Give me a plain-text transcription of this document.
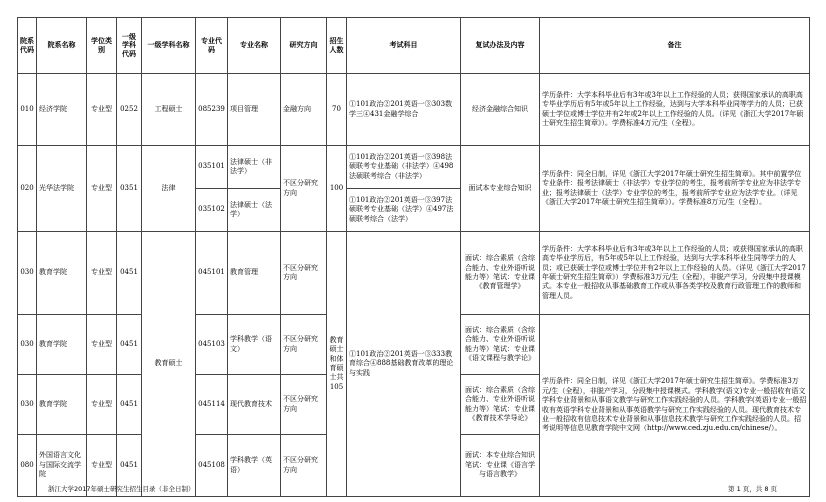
院系代码	院系名称	学位类别	一级学科代码	一级学科名称	专业代码	专业名称	研究方向	招生人数	考试科目	复试办法及内容	备注
010	经济学院	专业型	0252	工程硕士	085239	项目管理	金融方向	70	①101政治②201英语一③303数学三④431金融学综合	经济金融综合知识	学历条件：大学本科毕业后有3年或3年以上工作经验的人员；获得国家承认的高职高专毕业学历后有5年或5年以上工作经验，达到与大学本科毕业同等学力的人员；已获硕士学位或博士学位并有2年或2年以上工作经验的人员。（详见《浙江大学2017年硕士研究生招生简章》）。学费标准4万元/生（全程）。
020	光华法学院	专业型	0351	法律	035101	法律硕士（非法学）	不区分研究方向	100	①101政治②201英语一③398法硕联考专业基础（非法学）④498法硕联考综合（非法学）	面试本专业综合知识	学历条件：同全日制，详见《浙江大学2017年硕士研究生招生简章》。其中前置学位专业条件：报考法律硕士（非法学）专业学位的考生，报考前所学专业应为非法学专业；报考法律硕士（法学）专业学位的考生，报考前所学专业应为法学专业。（详见《浙江大学2017年硕士研究生招生简章》）。学费标准8万元/生（全程）。
					035102	法律硕士（法学）			①101政治②201英语一③397法硕联考专业基础（法学）④497法硕联考综合（法学）		
030	教育学院	专业型	0451	教育硕士	045101	教育管理	不区分研究方向	教育硕士和体育硕士共105	①101政治②201英语一③333教育综合④888基础教育改革的理论与实践	面试：综合素质（含综合能力、专业外语听说能力等）笔试：专业课《教育管理学》	学历条件：大学本科毕业后有3年或3年以上工作经验的人员；或获得国家承认的高职高专毕业学历后，有5年或5年以上工作经验，达到与大学本科毕业生同等学力的人员；或已获硕士学位或博士学位并有2年以上工作经验的人员。（详见《浙江大学2017年硕士研究生招生简章》）学费标准3万元/生（全程），非脱产学习，分段集中授课模式。本专业一般招收从事基础教育工作或从事各类学校及教育行政管理工作的教师和管理人员。
030	教育学院	专业型	0451		045103	学科教学（语文）	不区分研究方向			面试：综合素质（含综合能力、专业外语听说能力等）笔试：专业课《语文课程与教学论》	学历条件：同全日制，详见《浙江大学2017年硕士研究生招生简章》。学费标准3万元/生（全程），非脱产学习，分段集中授课模式。学科教学(语文)专业一般招收有语文学科专业背景和从事语文教学与研究工作实践经验的人员。学科教学(英语)专业一般招收有英语学科专业背景和从事英语教学与研究工作实践经验的人员。现代教育技术专业一般招收有信息技术专业背景和从事信息技术教学与研究工作实践经验的人员。招考说明等信息见教育学院中文网（http://www.ced.zju.edu.cn/chinese/）。
030	教育学院	专业型	0451		045114	现代教育技术	不区分研究方向			面试：综合素质（含综合能力、专业外语听说能力等）笔试：专业课《教育技术学导论》	
080	外国语言文化与国际交流学院	专业型	0451		045108	学科教学（英语）	不区分研究方向			面试：本专业综合知识 笔试：专业课《语言学与语言教学》	
浙江大学2017年硕士研究生招生目录（非全日制）	第 1 页，共 8 页
